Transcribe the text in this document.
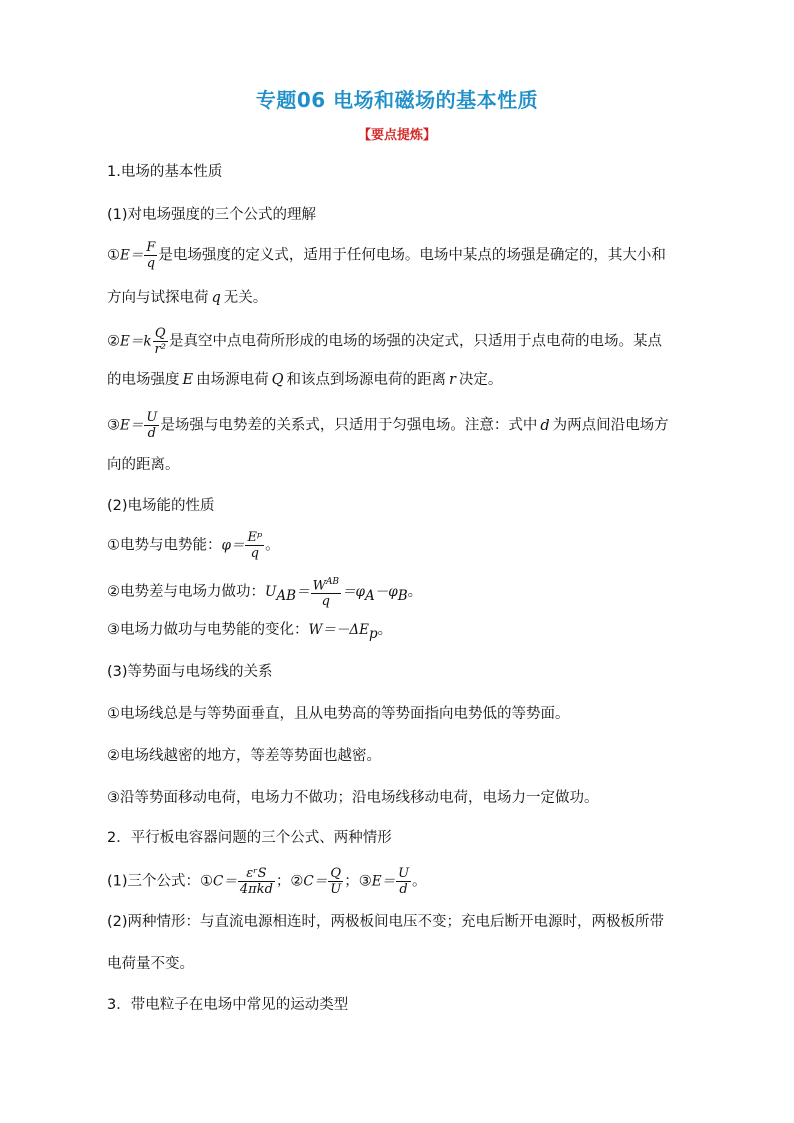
专题06 电场和磁场的基本性质
【要点提炼】
1.电场的基本性质
(1)对电场强度的三个公式的理解
①E＝ $\frac{F}{q}$ 是电场强度的定义式，适用于任何电场。电场中某点的场强是确定的，其大小和
方向与试探电荷 q 无关。
②E＝k $\frac{Q}{\text{r²}}$ 是真空中点电荷所形成的电场的场强的决定式，只适用于点电荷的电场。某点
的电场强度 E 由场源电荷 Q 和该点到场源电荷的距离 r 决定。
③E＝ $\frac{U}{d}$ 是场强与电势差的关系式，只适用于匀强电场。注意：式中 d 为两点间沿电场方
向的距离。
(2)电场能的性质
①电势与电势能：$\varphi= \frac{\text{Eᵖ}}{q}$ 。
②电势差与电场力做功：$U_{AB}= \frac{W^{AB}}{q} =\varphi_A-\varphi_B$。
③电场力做功与电势能的变化：$W=-\Delta E_p$。
(3)等势面与电场线的关系
①电场线总是与等势面垂直，且从电势高的等势面指向电势低的等势面。
②电场线越密的地方，等差等势面也越密。
③沿等势面移动电荷，电场力不做功；沿电场线移动电荷，电场力一定做功。
2．平行板电容器问题的三个公式、两种情形
(1)三个公式：①C＝ $\frac{\text{εʳS}}{\text{4πkd}}$ ；②C＝ $\frac{Q}{U}$ ；③E＝ $\frac{U}{d}$ 。
(2)两种情形：与直流电源相连时，两极板间电压不变；充电后断开电源时，两极板所带
电荷量不变。
3．带电粒子在电场中常见的运动类型
